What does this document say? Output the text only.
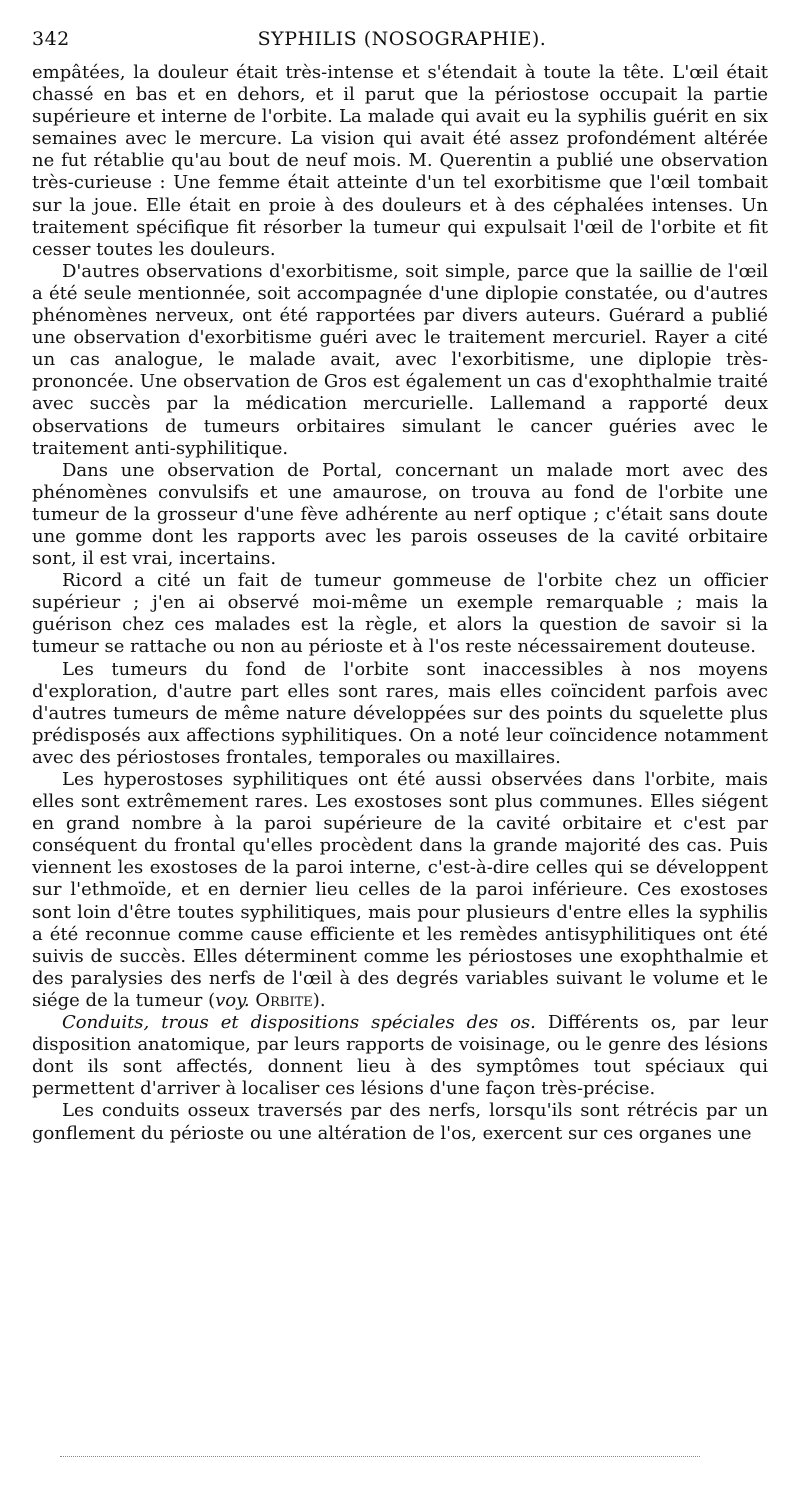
342	SYPHILIS (NOSOGRAPHIE).

empâtées, la douleur était très-intense et s'étendait à toute la tête. L'œil était chassé en bas et en dehors, et il parut que la périostose occupait la partie supérieure et interne de l'orbite. La malade qui avait eu la syphilis guérit en six semaines avec le mercure. La vision qui avait été assez profondément altérée ne fut rétablie qu'au bout de neuf mois. M. Querentin a publié une observation très-curieuse : Une femme était atteinte d'un tel exorbitisme que l'œil tombait sur la joue. Elle était en proie à des douleurs et à des céphalées intenses. Un traitement spécifique fit résorber la tumeur qui expulsait l'œil de l'orbite et fit cesser toutes les douleurs.

D'autres observations d'exorbitisme, soit simple, parce que la saillie de l'œil a été seule mentionnée, soit accompagnée d'une diplopie constatée, ou d'autres phénomènes nerveux, ont été rapportées par divers auteurs. Guérard a publié une observation d'exorbitisme guéri avec le traitement mercuriel. Rayer a cité un cas analogue, le malade avait, avec l'exorbitisme, une diplopie très-prononcée. Une observation de Gros est également un cas d'exophthalmie traité avec succès par la médication mercurielle. Lallemand a rapporté deux observations de tumeurs orbitaires simulant le cancer guéries avec le traitement anti-syphilitique.

Dans une observation de Portal, concernant un malade mort avec des phénomènes convulsifs et une amaurose, on trouva au fond de l'orbite une tumeur de la grosseur d'une fève adhérente au nerf optique ; c'était sans doute une gomme dont les rapports avec les parois osseuses de la cavité orbitaire sont, il est vrai, incertains.

Ricord a cité un fait de tumeur gommeuse de l'orbite chez un officier supérieur ; j'en ai observé moi-même un exemple remarquable ; mais la guérison chez ces malades est la règle, et alors la question de savoir si la tumeur se rattache ou non au périoste et à l'os reste nécessairement douteuse.

Les tumeurs du fond de l'orbite sont inaccessibles à nos moyens d'exploration, d'autre part elles sont rares, mais elles coïncident parfois avec d'autres tumeurs de même nature développées sur des points du squelette plus prédisposés aux affections syphilitiques. On a noté leur coïncidence notamment avec des périostoses frontales, temporales ou maxillaires.

Les hyperostoses syphilitiques ont été aussi observées dans l'orbite, mais elles sont extrêmement rares. Les exostoses sont plus communes. Elles siégent en grand nombre à la paroi supérieure de la cavité orbitaire et c'est par conséquent du frontal qu'elles procèdent dans la grande majorité des cas. Puis viennent les exostoses de la paroi interne, c'est-à-dire celles qui se développent sur l'ethmoïde, et en dernier lieu celles de la paroi inférieure. Ces exostoses sont loin d'être toutes syphilitiques, mais pour plusieurs d'entre elles la syphilis a été reconnue comme cause efficiente et les remèdes antisyphilitiques ont été suivis de succès. Elles déterminent comme les périostoses une exophthalmie et des paralysies des nerfs de l'œil à des degrés variables suivant le volume et le siége de la tumeur (voy. Orbite).

Conduits, trous et dispositions spéciales des os. Différents os, par leur disposition anatomique, par leurs rapports de voisinage, ou le genre des lésions dont ils sont affectés, donnent lieu à des symptômes tout spéciaux qui permettent d'arriver à localiser ces lésions d'une façon très-précise.

Les conduits osseux traversés par des nerfs, lorsqu'ils sont rétrécis par un gonflement du périoste ou une altération de l'os, exercent sur ces organes une
